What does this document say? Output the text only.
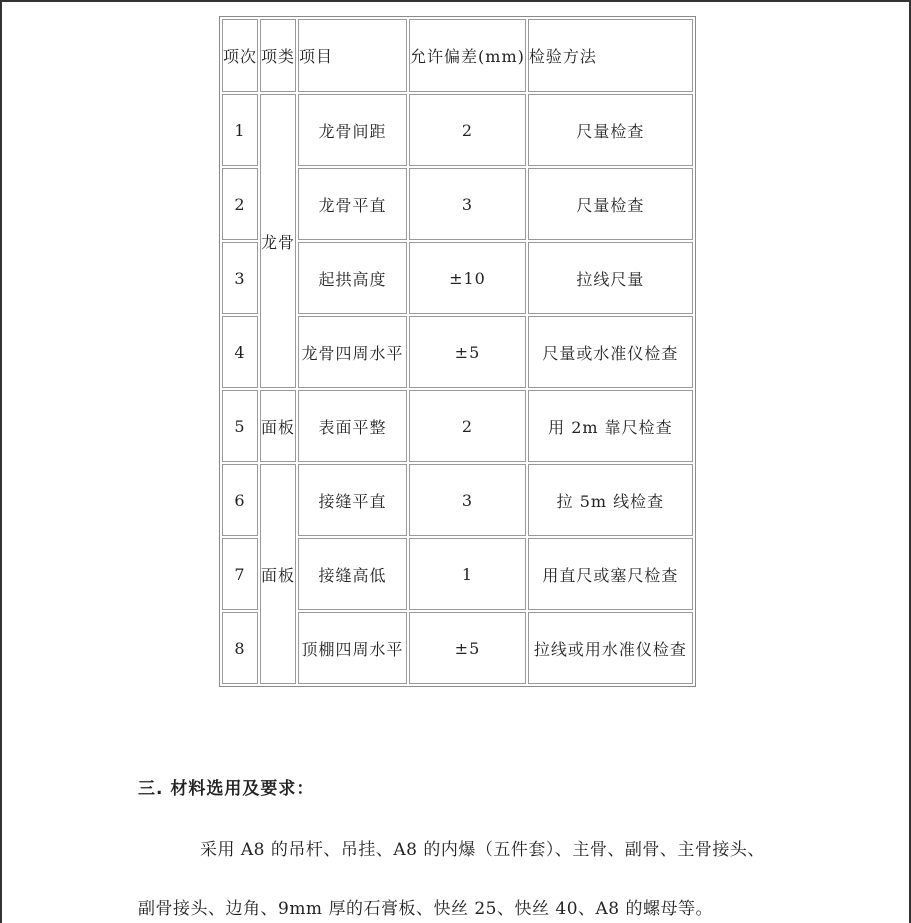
项次	项类	项目	允许偏差(mm)	检验方法
1	龙骨	龙骨间距	2	尺量检查
2		龙骨平直	3	尺量检查
3		起拱高度	±10	拉线尺量
4		龙骨四周水平	±5	尺量或水准仪检查
5	面板	表面平整	2	用 2m 靠尺检查
6	面板	接缝平直	3	拉 5m 线检查
7		接缝高低	1	用直尺或塞尺检查
8		顶棚四周水平	±5	拉线或用水准仪检查
三. 材料选用及要求：

采用 A8 的吊杆、吊挂、A8 的内爆（五件套）、主骨、副骨、主骨接头、

副骨接头、边角、9mm 厚的石膏板、快丝 25、快丝 40、A8 的螺母等。
